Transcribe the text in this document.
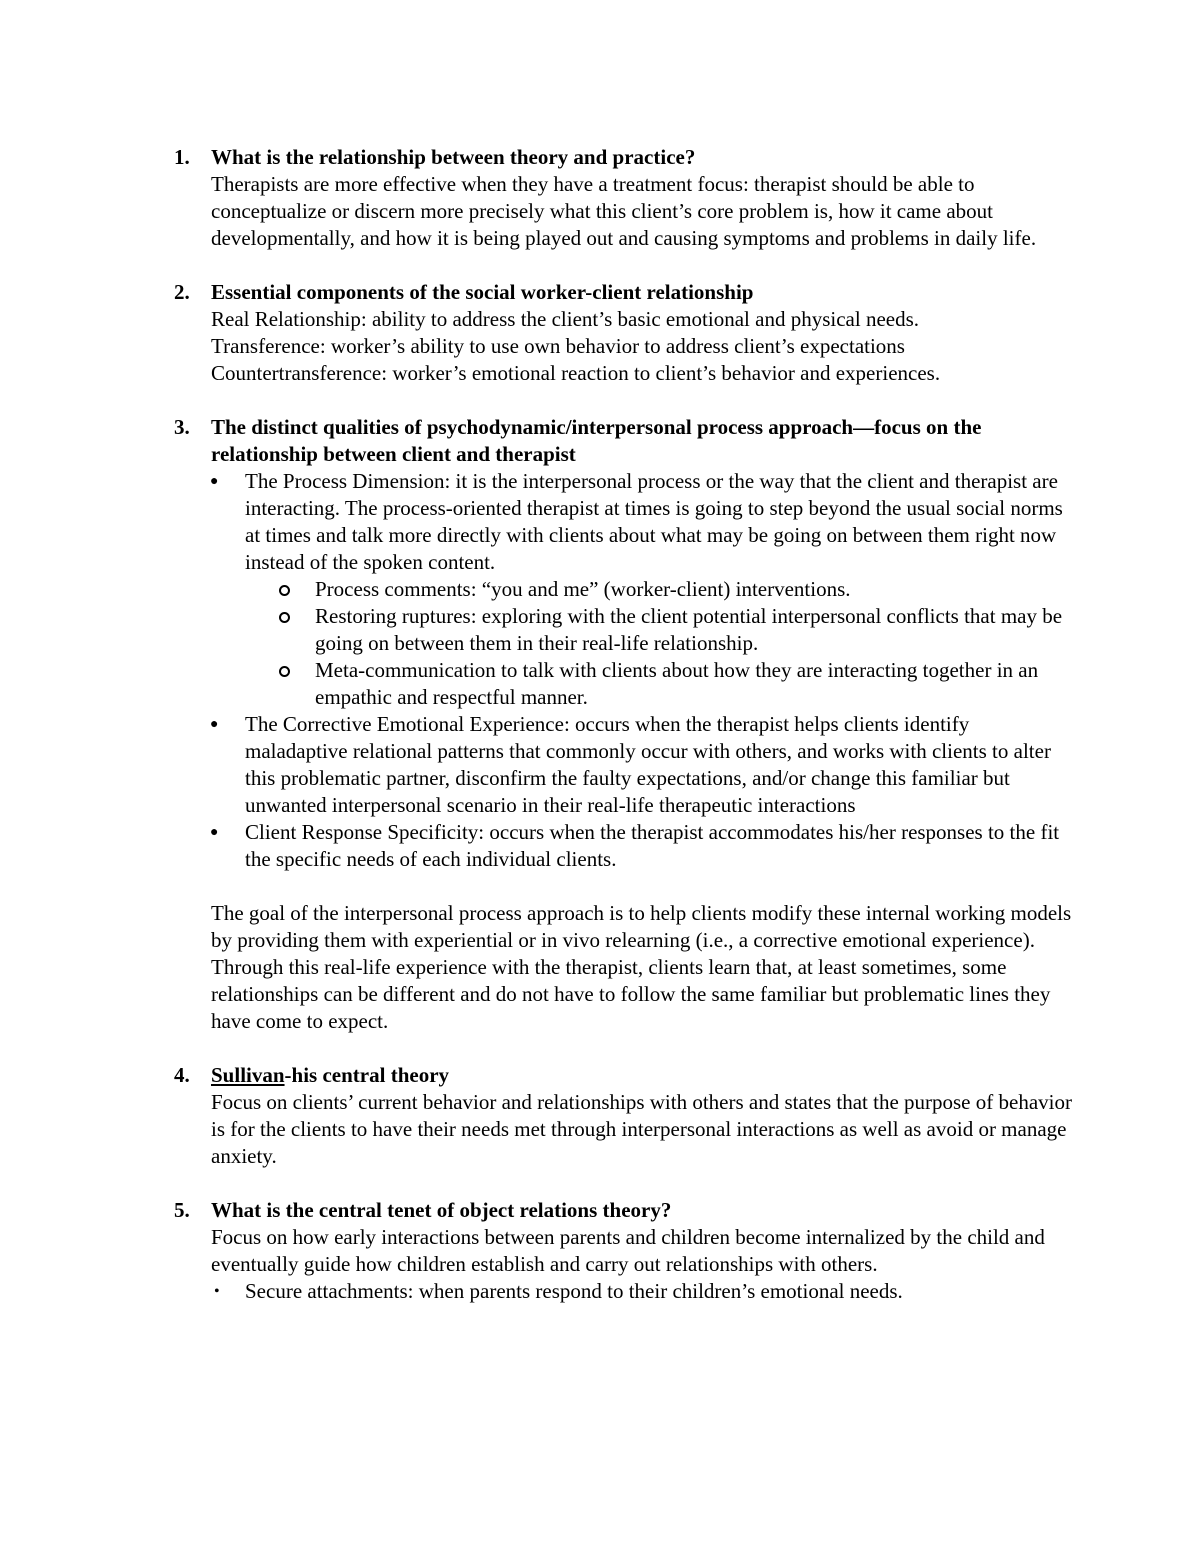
1. What is the relationship between theory and practice?

Therapists are more effective when they have a treatment focus: therapist should be able to conceptualize or discern more precisely what this client’s core problem is, how it came about developmentally, and how it is being played out and causing symptoms and problems in daily life.

2. Essential components of the social worker-client relationship
Real Relationship: ability to address the client’s basic emotional and physical needs.
Transference: worker’s ability to use own behavior to address client’s expectations
Countertransference: worker’s emotional reaction to client’s behavior and experiences.
3. The distinct qualities of psychodynamic/interpersonal process approach—focus on the relationship between client and therapist
● The Process Dimension: it is the interpersonal process or the way that the client and therapist are interacting. The process-oriented therapist at times is going to step beyond the usual social norms at times and talk more directly with clients about what may be going on between them right now instead of the spoken content.
Process comments: “you and me” (worker-client) interventions.
Restoring ruptures: exploring with the client potential interpersonal conflicts that may be going on between them in their real-life relationship.
Meta-communication to talk with clients about how they are interacting together in an empathic and respectful manner.
● The Corrective Emotional Experience: occurs when the therapist helps clients identify maladaptive relational patterns that commonly occur with others, and works with clients to alter this problematic partner, disconfirm the faulty expectations, and/or change this familiar but unwanted interpersonal scenario in their real-life therapeutic interactions
● Client Response Specificity: occurs when the therapist accommodates his/her responses to the fit the specific needs of each individual clients.

The goal of the interpersonal process approach is to help clients modify these internal working models by providing them with experiential or in vivo relearning (i.e., a corrective emotional experience). Through this real-life experience with the therapist, clients learn that, at least sometimes, some relationships can be different and do not have to follow the same familiar but problematic lines they have come to expect.

4. Sullivan-his central theory

Focus on clients’ current behavior and relationships with others and states that the purpose of behavior is for the clients to have their needs met through interpersonal interactions as well as avoid or manage anxiety.

5. What is the central tenet of object relations theory?

Focus on how early interactions between parents and children become internalized by the child and eventually guide how children establish and carry out relationships with others.

• Secure attachments: when parents respond to their children’s emotional needs.
